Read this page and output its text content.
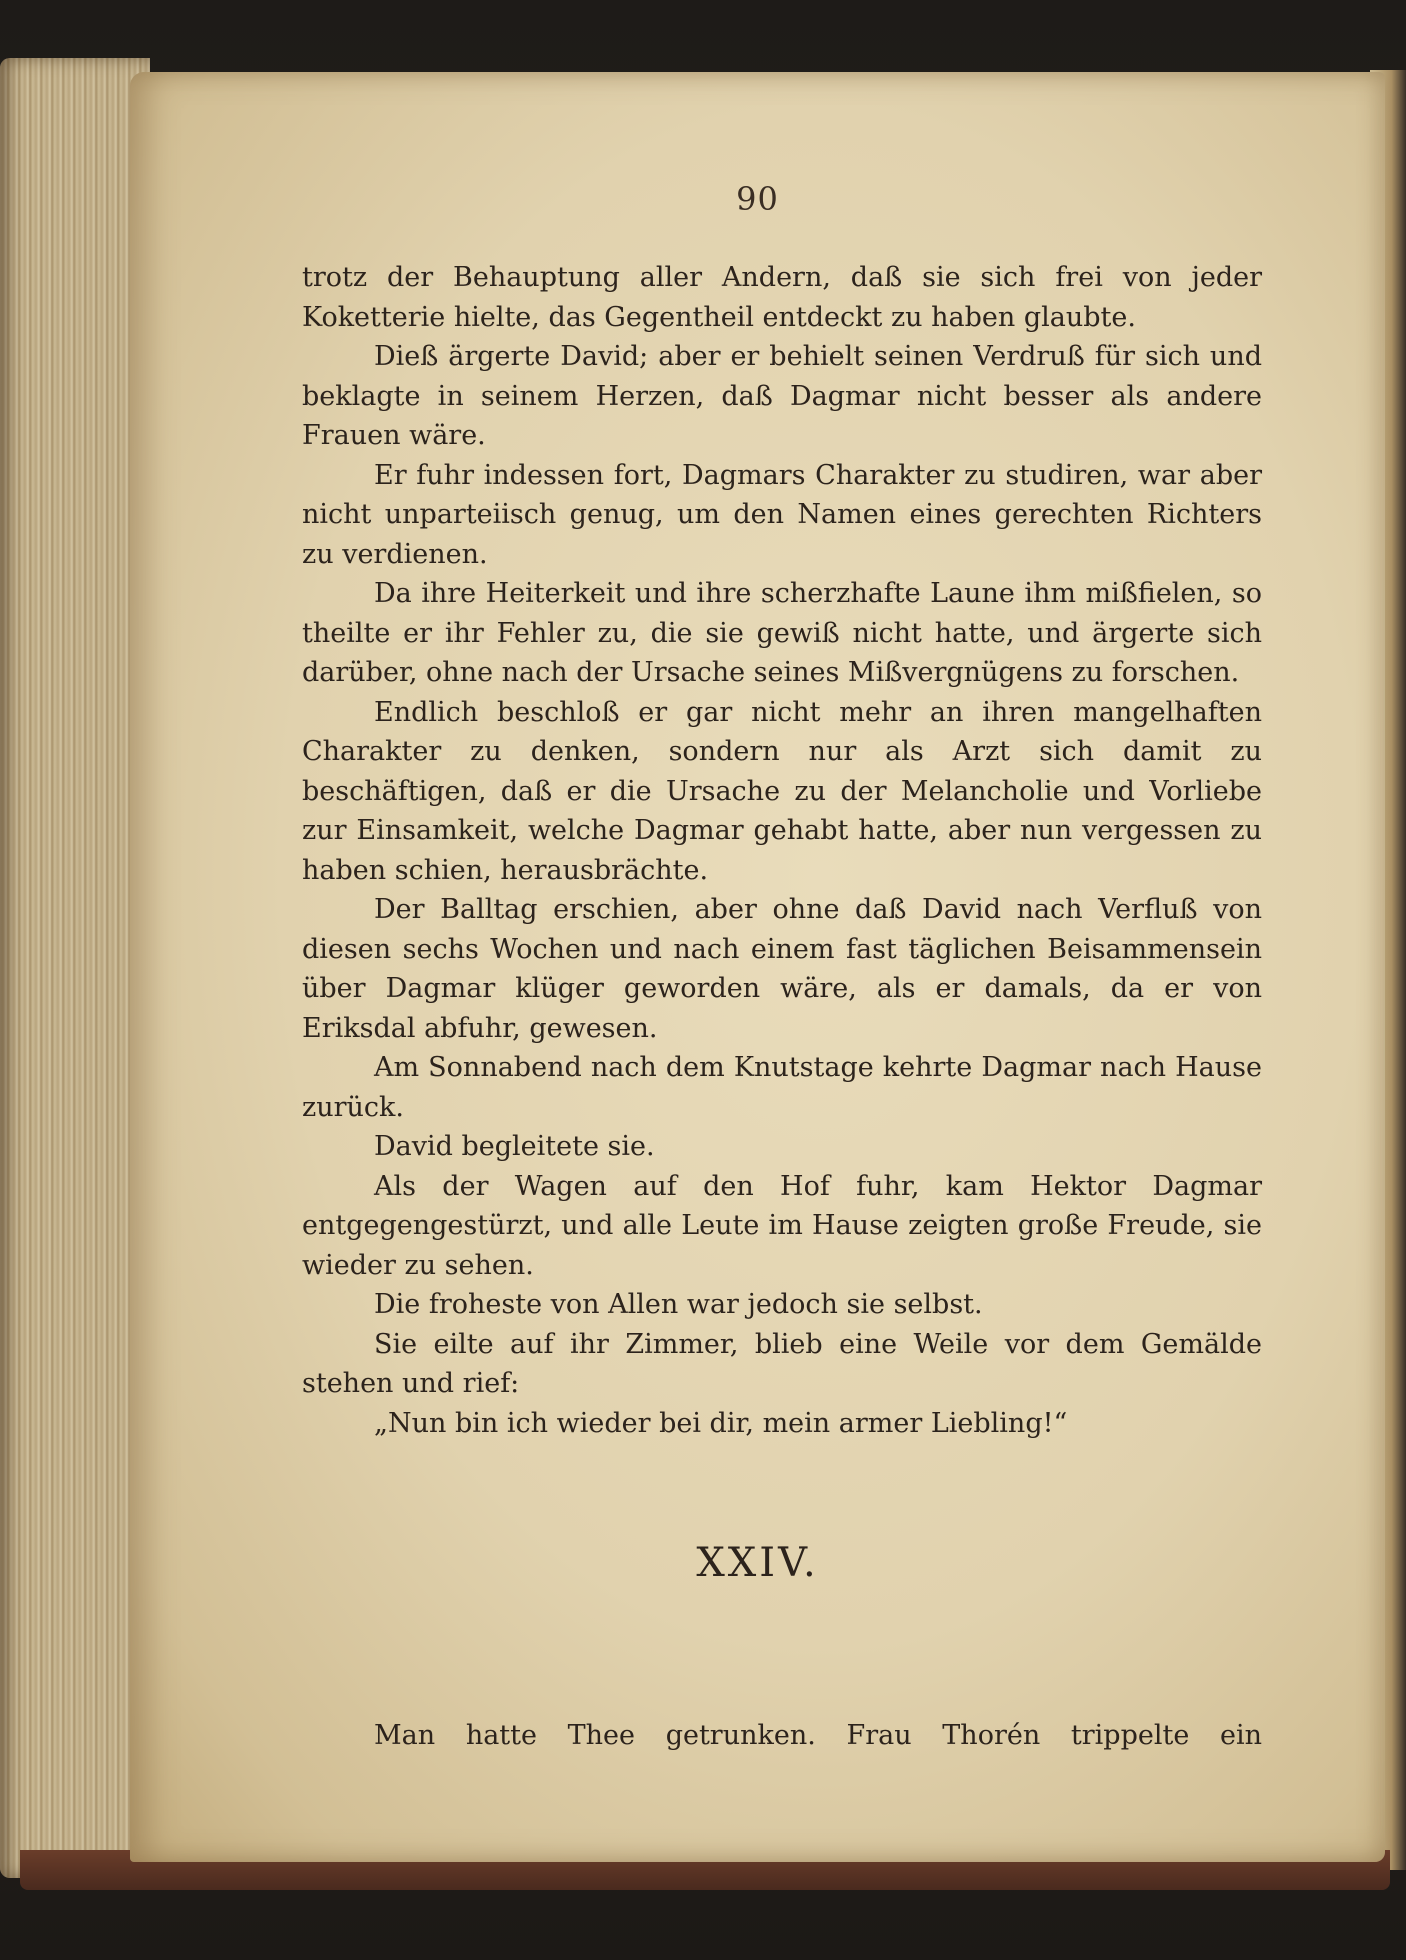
90

trotz der Behauptung aller Andern, daß sie sich frei von jeder Koketterie hielte, das Gegentheil entdeckt zu haben glaubte.

Dieß ärgerte David; aber er behielt seinen Verdruß für sich und beklagte in seinem Herzen, daß Dagmar nicht besser als andere Frauen wäre.

Er fuhr indessen fort, Dagmars Charakter zu studiren, war aber nicht unparteiisch genug, um den Namen eines gerechten Richters zu verdienen.

Da ihre Heiterkeit und ihre scherzhafte Laune ihm mißfielen, so theilte er ihr Fehler zu, die sie gewiß nicht hatte, und ärgerte sich darüber, ohne nach der Ursache seines Mißvergnügens zu forschen.

Endlich beschloß er gar nicht mehr an ihren mangelhaften Charakter zu denken, sondern nur als Arzt sich damit zu beschäftigen, daß er die Ursache zu der Melancholie und Vorliebe zur Einsamkeit, welche Dagmar gehabt hatte, aber nun vergessen zu haben schien, herausbrächte.

Der Balltag erschien, aber ohne daß David nach Verfluß von diesen sechs Wochen und nach einem fast täglichen Beisammensein über Dagmar klüger geworden wäre, als er damals, da er von Eriksdal abfuhr, gewesen.

Am Sonnabend nach dem Knutstage kehrte Dagmar nach Hause zurück.

David begleitete sie.

Als der Wagen auf den Hof fuhr, kam Hektor Dagmar entgegengestürzt, und alle Leute im Hause zeigten große Freude, sie wieder zu sehen.

Die froheste von Allen war jedoch sie selbst.

Sie eilte auf ihr Zimmer, blieb eine Weile vor dem Gemälde stehen und rief:

„Nun bin ich wieder bei dir, mein armer Liebling!“

XXIV.

Man hatte Thee getrunken. Frau Thorén trippelte ein
